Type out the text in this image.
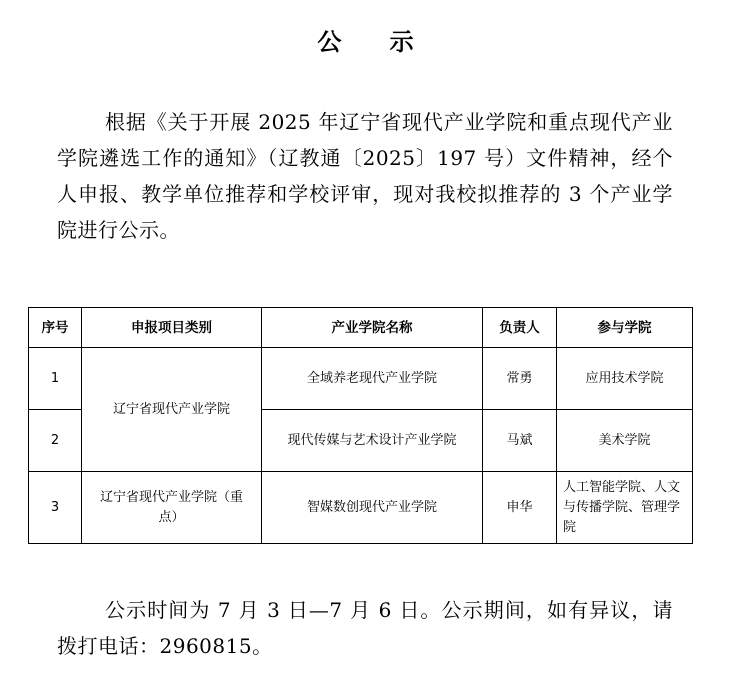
公 示
根据《关于开展 2025 年辽宁省现代产业学院和重点现代产业学院遴选工作的通知》（辽教通〔2025〕197 号）文件精神，经个人申报、教学单位推荐和学校评审，现对我校拟推荐的 3 个产业学院进行公示。
序号	申报项目类别	产业学院名称	负责人	参与学院
1	辽宁省现代产业学院	全域养老现代产业学院	常勇	应用技术学院
2		现代传媒与艺术设计产业学院	马斌	美术学院
3	辽宁省现代产业学院（重点）	智媒数创现代产业学院	申华	人工智能学院、人文与传播学院、管理学院
公示时间为 7 月 3 日—7 月 6 日。公示期间，如有异议，请拨打电话：2960815。
